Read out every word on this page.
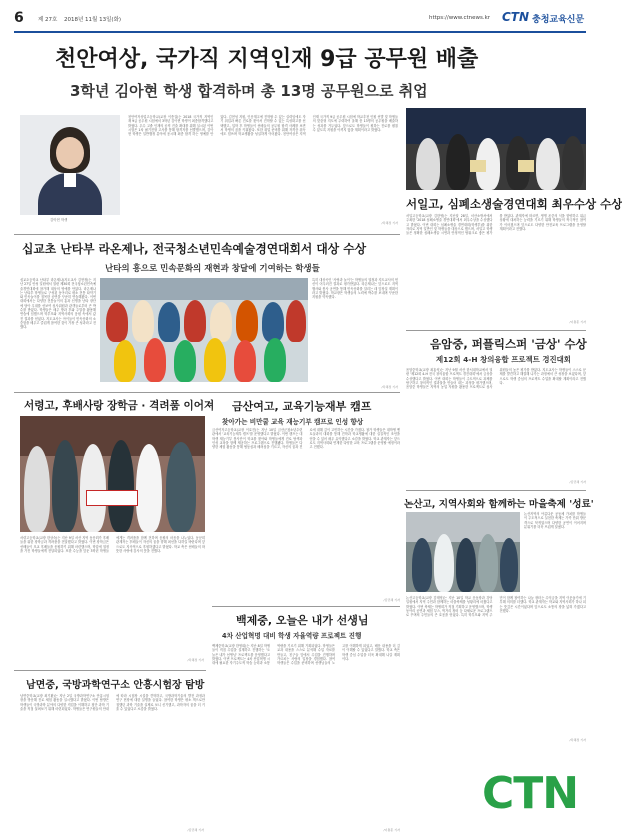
6	제 27호 2018년 11월 13일(화)	https://www.ctnews.kr CTN 충청교육신문
천안여상, 국가직 지역인재 9급 공무원 배출
3학년 김아현 학생 합격하며 총 13명 공무원으로 취업
김아현 학생
천안여자상업고등학교(교장 이종걸)는 2018 국가직 지역인재 9급 공무원 시험에서 3학년 김아현 학생이 최종합격했다고 밝혔다. 우수 고졸 인재의 공직 진출 확대를 위해 실시된 이번 시험은 1차 필기전형 고사를 통해 합격자를 선발했으며, 김아현 학생은 일반행정 분야에 응시해 최종 합격 하는 영예를 안았다. 김현성 지원, 인문계고에 진학할 수 있는 실력임에도 자기 취업과 빠른 진로를 찾아서 진학할 수 있는 특성화고를 선택했고, 입학 후 학생들이 선배들의 공무원 합격 사례를 보면서 학생의 꿈을 키워왔다. 또한 취업 준비를 위해 자격증 취득에도 힘쓰며 학교생활을 성실하게 이어왔다. 천안여상은 지역인재 국가직 9급 공무원 시험에 학교추천 인원 선발 및 학생들의 맞춤형 지도에 주력하여 올해 총 13명의 공무원을 배출하는 성과를 거두었다. 앞으로도 학생들이 원하는 진로를 펼칠 수 있도록 지원을 아끼지 않을 계획이라고 밝혔다.
/차혜정 기자
서일고, 심폐소생술경연대회 최우수상 수상
서일고등학교(교장 김한영)는 지난달 28일, 서산소방서에서 주최한 '2018 심폐소생술 경연대회'에서 최우수상을 수상했다고 밝혔다. 이번 대회는 심폐소생술 경연대회(학생부)를 위한 자리로 지역 일반인 및 학생들을 대상으로 했으며, 서일고 학생들은 정확한 심폐소생술 시연과 안정적인 팀워크로 좋은 평가를 받았다. 관계자에 따르면, 생명 존중의 식을 함양하고 위급 상황에 대처하는 능력을 기르기 위해 학생들의 적극적인 참여가 이어졌으며 앞으로도 다양한 안전교육 프로그램을 운영할 계획이라고 전했다.
/이충훈 기자
십교초 난타부 라온제나, 전국청소년민속예술경연대회서 대상 수상
난타의 흥으로 민속문화의 재현과 창달에 기여하는 학생들
십교초등학교 난타부 라온제나(지도교사 김현정)는 지난 27일 안성 일원에서 열린 제30회 전국청소년민속예술경연대회에 참가해 대상의 영예를 안았다. 라온제나는 난타부 학생들로 구성된 동아리로 평소 전통 타악기와 민속놀이를 접목한 공연을 꾸준히 연습해왔다. 이번 대회에서는 다양한 전통놀이의 흥과 신명을 난타 장단에 담아 무대를 선보여 심사위원과 관객들로부터 큰 박수를 받았다. 학생들은 매주 방과 후와 주말을 활용해 연습에 임했으며 학부모와 지역사회의 응원 속에서 값진 결과를 얻었다. 지도교사는 아이들이 민속문화의 소중함을 배우고 즐겁게 참여한 것이 가장 큰 성과라고 전했다.
특히 대상곡인 '사랑과 놀이'는 학생들의 열정과 지도교사의 헌신이 어우러진 결과로 평가받았다. 라온제나는 앞으로도 지역 행사와 봉사 공연을 통해 민속문화를 알리는 데 앞장설 계획이라고 밝혔다. 학교장은 학생들의 노력에 박수를 보내며 꾸준한 지원을 약속했다.
/차혜정 기자
음암중, 퍼플릭스퍼 '금상' 수상
제12회 4-H 창의융합 프로젝트 경진대회
음암중학교(교장 최홍석)는 지난 9월 서산 한서대학교에서 열린 '제12회 4-H 전국 창의융합 프로젝트 경진대회'에서 금상을 수상했다고 밝혔다. 이번 대회는 학생들이 주도적으로 과제를 탐구하고 창의적인 결과물을 만들어 내는 과정을 평가했으며, 음암중 학생들은 지역의 농업 자원을 활용한 프로젝트로 심사위원들의 높은 평가를 받았다. 지도교사는 학생들이 스스로 문제를 발견하고 해결해 나가는 과정에서 큰 성장을 보였다며, 앞으로도 학생 중심의 프로젝트 수업을 확대할 계획이라고 전했다.
/김민혜 기자
서령고, 후배사랑 장학금 · 격려품 이어져
서령고등학교(교장 한상숙)는 지난 9일 서산 지역 동문회가 후배들을 위한 장학금과 격려품을 전달했다고 밝혔다. 이번 장학금은 선배들이 모교 후배들을 응원하기 위해 마련했으며, 학업에 열정을 가진 학생들에게 전달되었다. 또한 수능을 앞둔 3학년 학생들에게는 격려품을 함께 전하며 응원의 마음을 나누었다. 동문회 관계자는 후배들이 자신의 꿈을 향해 최선을 다하길 바란다며 앞으로도 지속적으로 후원하겠다고 밝혔다. 학교 측은 선배들의 따뜻한 사랑에 감사의 뜻을 전했다.
/차혜정 기자
금산여고, 교육기능재부 캠프
찾아가는 비만쿨 교육 재능기부 캠프로 인성 향상
금산여자고등학교(교장 이호진)는 지난 10일 금산군청소년수련관에서 '교육기능재부 캠프'를 운영했다고 밝혔다. 이번 캠프는 대학생 재능기부 봉사단이 학교를 찾아와 학생들에게 진로 탐색과 인성 교육을 함께 제공하는 프로그램으로 진행됐다. 학생들은 다양한 체험 활동을 통해 협동심과 배려심을 기르고, 자신의 꿈과 진로에 대해 깊이 고민하는 시간을 가졌다. 참가 학생들은 대학생 멘토들과의 대화를 통해 진학과 학교생활에 대한 실질적인 조언을 얻을 수 있어 매우 유익했다고 소감을 밝혔다. 학교 관계자는 앞으로도 지역사회와 연계한 다양한 교육 프로그램을 운영할 예정이라고 전했다.
/김민혜 기자
논산고, 지역사회와 함께하는 마을축제 '성료'
논산지역의 아름다운 공동체 가치를 학생들이 주도적으로 실천한 축제는 가족 단위 방문객으로 북적였으며 다양한 공연이 이어지며 분위기를 더욱 뜨겁게 달궜다.
논산고등학교(교장 김태영)는 지난 10일 학교 운동장과 강당 일원에서 지역 주민과 함께하는 마을축제를 성황리에 마쳤다고 밝혔다. 이번 축제는 학생회가 직접 기획하고 운영했으며, 학생 동아리 공연과 체험 부스, 먹거리 장터 등 다채로운 프로그램으로 꾸며져 주민들의 큰 호응을 얻었다. 특히 학부모와 지역 주민이 함께 참여하는 나눔 장터는 수익금을 지역 이웃돕기에 기부해 의미를 더했다. 학교 관계자는 학교와 지역사회가 하나 되는 뜻깊은 시간이었다며 앞으로도 소통의 장을 넓혀 가겠다고 전했다.
/차혜정 기자
백제중, 오늘은 내가 선생님
4차 산업혁명 대비 학생 자율역량 프로젝트 진행
백제중학교(교장 한영희)는 지난 8일 학생들이 직접 수업을 설계하고 진행하는 '오늘은 내가 선생님' 프로젝트를 운영했다고 밝혔다. 이번 프로젝트는 4차 산업혁명 시대에 필요한 자기주도적 학습 능력과 소통 역량을 기르기 위해 기획되었다. 학생들은 교과 내용을 스스로 분석해 수업 자료를 만들고, 친구들 앞에서 수업을 진행하며 가르치는 사람의 입장을 경험했다. 참여 학생들은 수업을 준비하며 선생님들의 노고를 이해하게 되었고, 배운 내용을 더 깊이 이해할 수 있었다고 말했다. 학교 측은 학생 중심 수업을 더욱 확대해 나갈 계획이다.
/이충훈 기자
남면중, 국방과학연구소 안흥시험장 탐방
남면중학교(교장 최기환)는 지난 2일 국방과학연구소 안흥시험장을 방문해 진로 체험 활동을 실시했다고 밝혔다. 이번 탐방은 학생들이 국방과학 분야의 다양한 직업을 이해하고 첨단 과학 기술을 직접 살펴보기 위해 마련되었다. 학생들은 연구원들의 안내에 따라 시험장 시설을 견학하고, 국방과학기술의 발전 과정과 연구 현장에 대한 설명을 들었다. 참여한 학생은 평소 책으로만 접했던 과학 기술을 실제로 보니 신기했고, 과학자의 꿈을 더 키울 수 있었다고 소감을 밝혔다.
/김민혜 기자
CTN
